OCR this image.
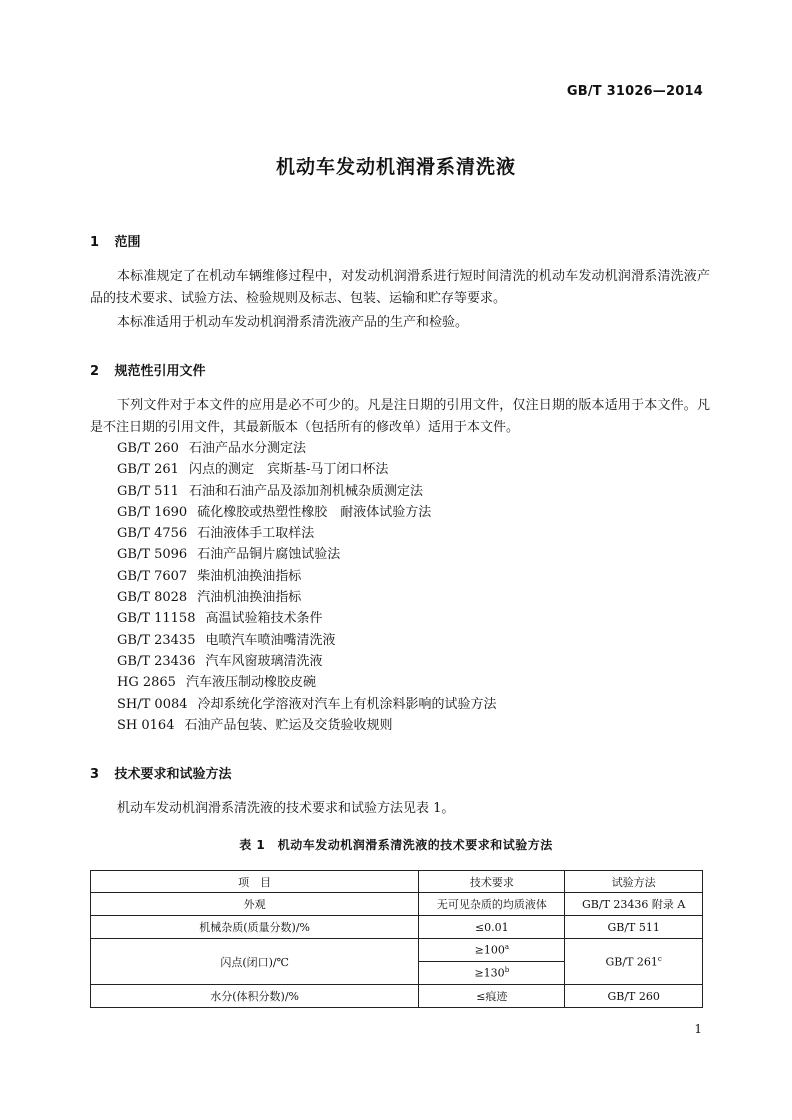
GB/T 31026—2014
机动车发动机润滑系清洗液
1 范围
本标准规定了在机动车辆维修过程中，对发动机润滑系进行短时间清洗的机动车发动机润滑系清洗液产品的技术要求、试验方法、检验规则及标志、包装、运输和贮存等要求。
本标准适用于机动车发动机润滑系清洗液产品的生产和检验。
2 规范性引用文件
下列文件对于本文件的应用是必不可少的。凡是注日期的引用文件，仅注日期的版本适用于本文件。凡是不注日期的引用文件，其最新版本（包括所有的修改单）适用于本文件。
GB/T 260 石油产品水分测定法
GB/T 261 闪点的测定　宾斯基-马丁闭口杯法
GB/T 511 石油和石油产品及添加剂机械杂质测定法
GB/T 1690 硫化橡胶或热塑性橡胶　耐液体试验方法
GB/T 4756 石油液体手工取样法
GB/T 5096 石油产品铜片腐蚀试验法
GB/T 7607 柴油机油换油指标
GB/T 8028 汽油机油换油指标
GB/T 11158 高温试验箱技术条件
GB/T 23435 电喷汽车喷油嘴清洗液
GB/T 23436 汽车风窗玻璃清洗液
HG 2865 汽车液压制动橡胶皮碗
SH/T 0084 冷却系统化学溶液对汽车上有机涂料影响的试验方法
SH 0164 石油产品包装、贮运及交货验收规则
3 技术要求和试验方法
机动车发动机润滑系清洗液的技术要求和试验方法见表 1。
表 1　机动车发动机润滑系清洗液的技术要求和试验方法
项　目	技术要求	试验方法
外观	无可见杂质的均质液体	GB/T 23436 附录 A
机械杂质(质量分数)/%	≤0.01	GB/T 511
闪点(闭口)/℃	$\ge 100^a$	GB/T 261$^c$
	$\ge 130^b$
水分(体积分数)/%	≤痕迹	GB/T 260
1
